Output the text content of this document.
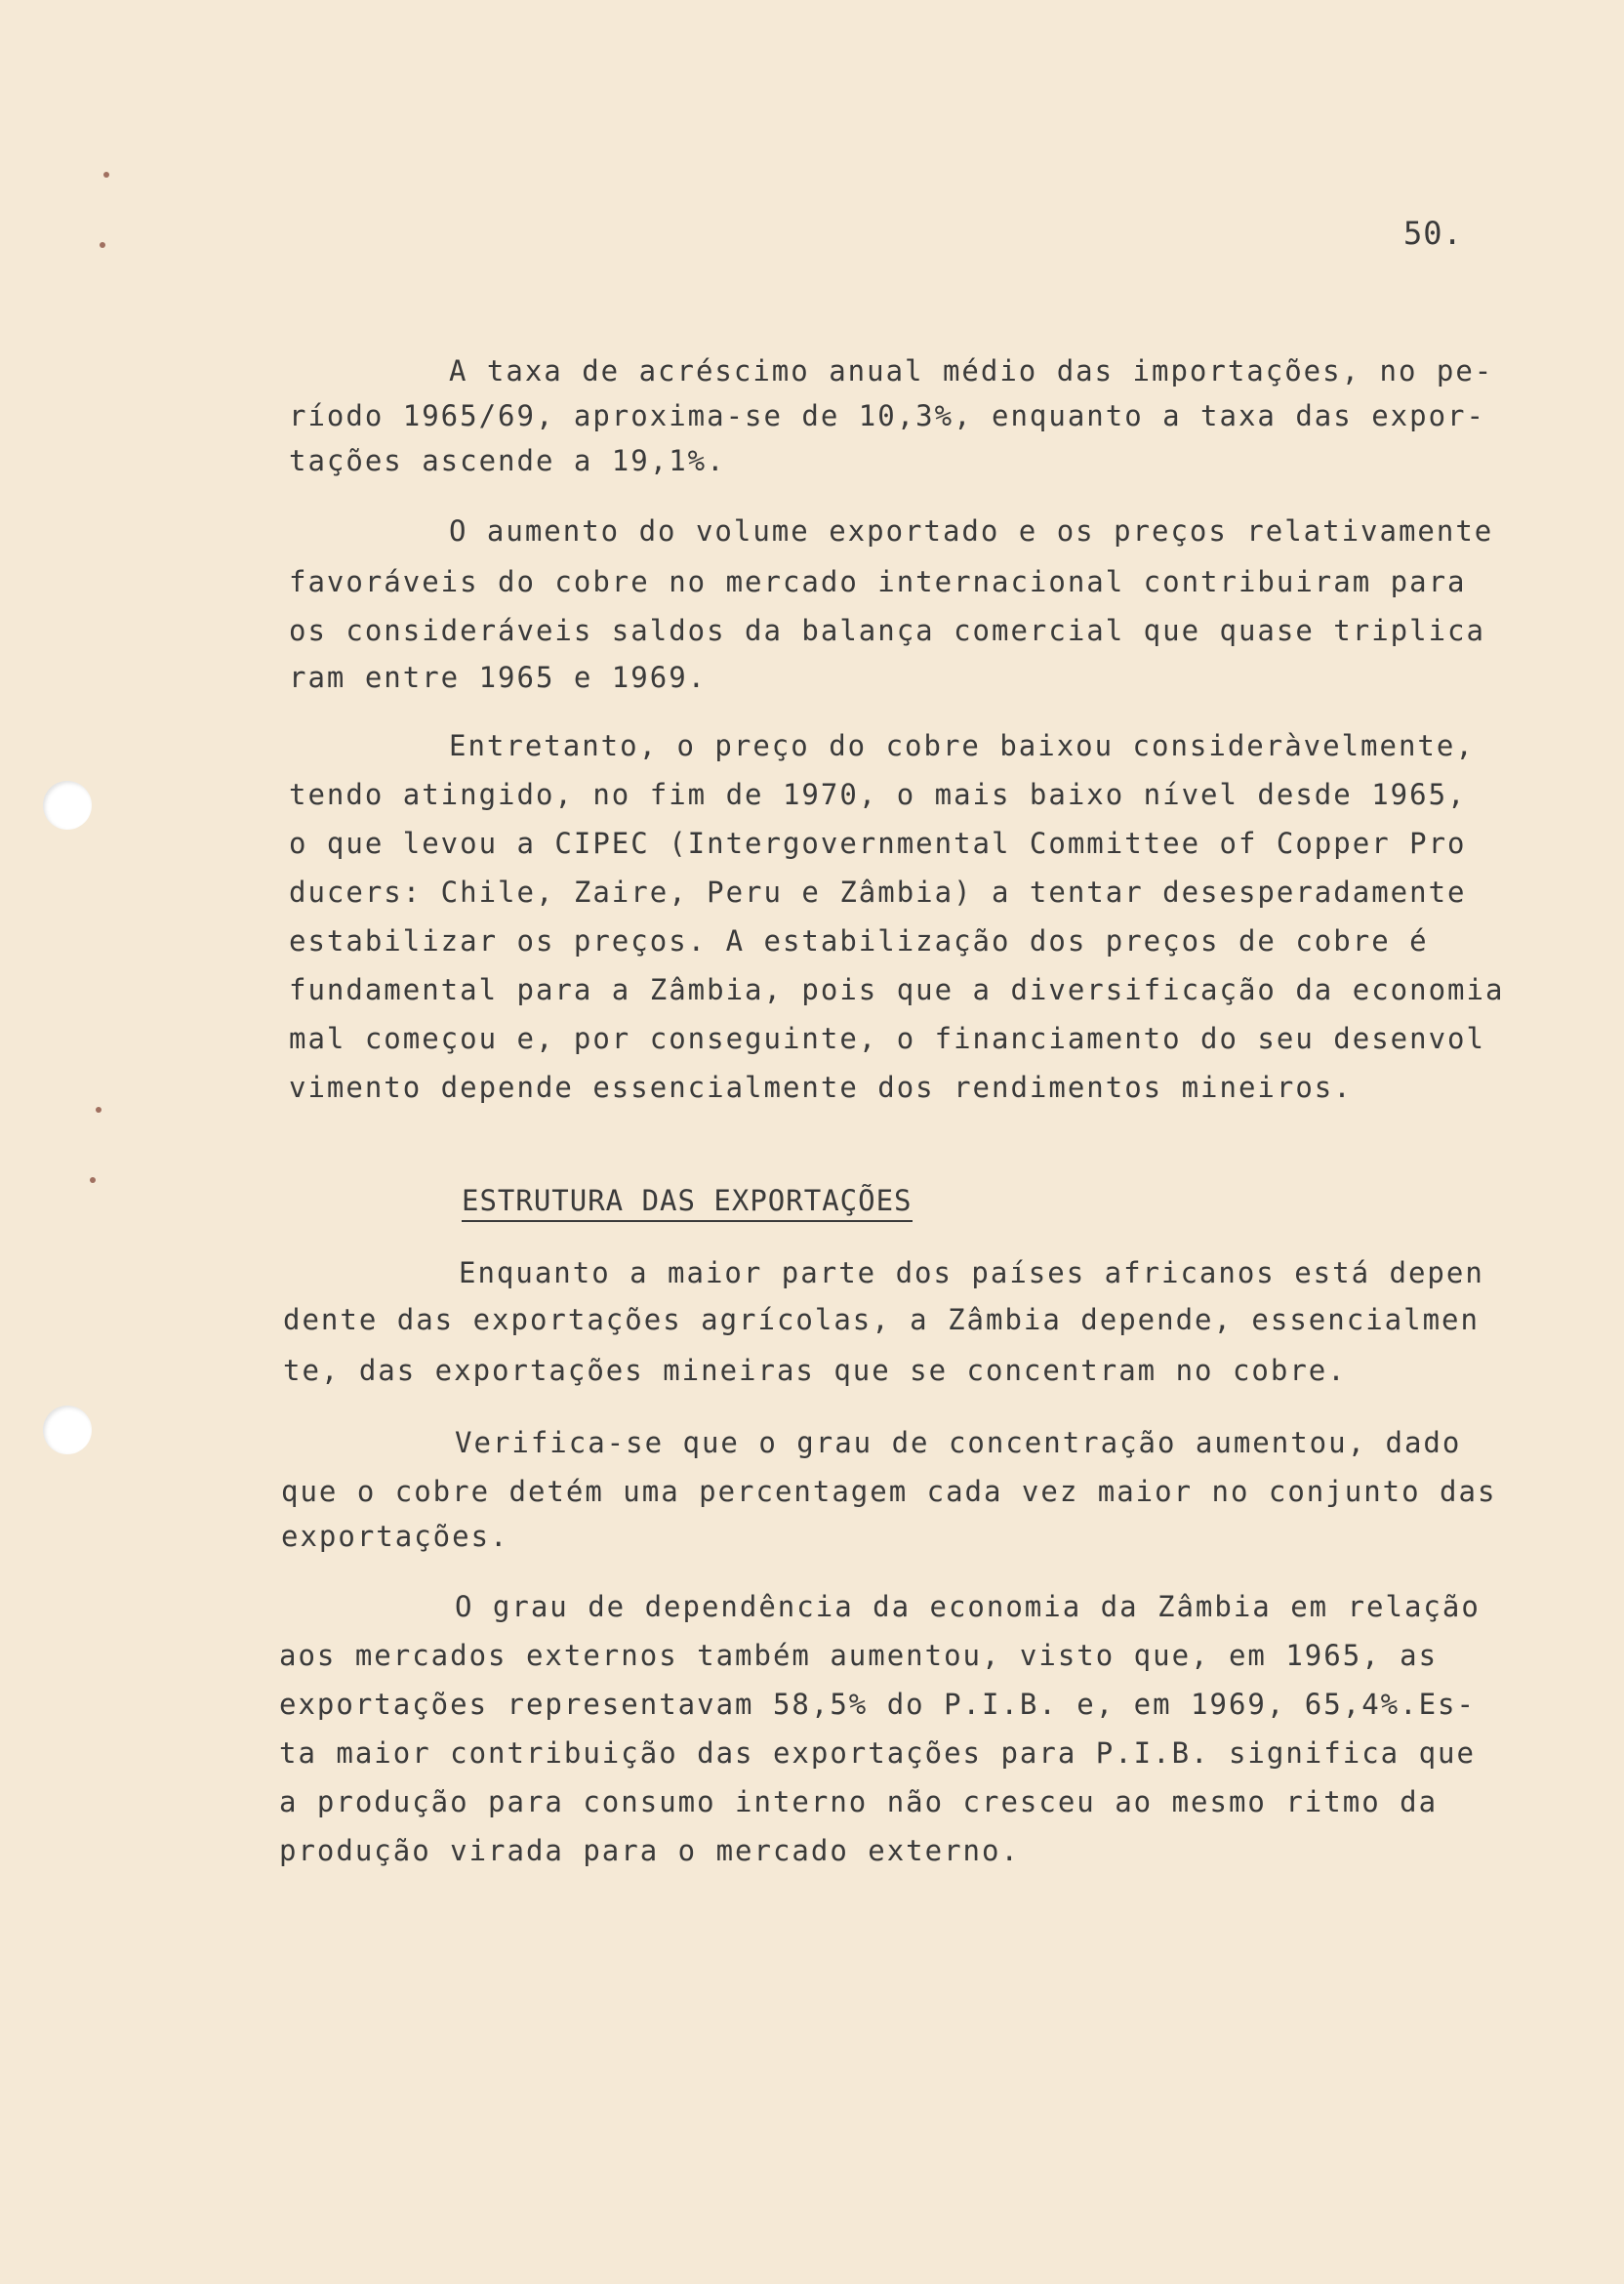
50.
A taxa de acréscimo anual médio das importações, no pe-
ríodo 1965/69, aproxima-se de 10,3%, enquanto a taxa das expor-
tações ascende a 19,1%.
O aumento do volume exportado e os preços relativamente
favoráveis do cobre no mercado internacional contribuiram para
os consideráveis saldos da balança comercial que quase triplica
ram entre 1965 e 1969.
Entretanto, o preço do cobre baixou consideràvelmente,
tendo atingido, no fim de 1970, o mais baixo nível desde 1965,
o que levou a CIPEC (Intergovernmental Committee of Copper Pro
ducers: Chile, Zaire, Peru e Zâmbia) a tentar desesperadamente
estabilizar os preços. A estabilização dos preços de cobre é
fundamental para a Zâmbia, pois que a diversificação da economia
mal começou e, por conseguinte, o financiamento do seu desenvol
vimento depende essencialmente dos rendimentos mineiros.
ESTRUTURA DAS EXPORTAÇÕES
Enquanto a maior parte dos países africanos está depen
dente das exportações agrícolas, a Zâmbia depende, essencialmen
te, das exportações mineiras que se concentram no cobre.
Verifica-se que o grau de concentração aumentou, dado
que o cobre detém uma percentagem cada vez maior no conjunto das
exportações.
O grau de dependência da economia da Zâmbia em relação
aos mercados externos também aumentou, visto que, em 1965, as
exportações representavam 58,5% do P.I.B. e, em 1969, 65,4%.Es-
ta maior contribuição das exportações para P.I.B. significa que
a produção para consumo interno não cresceu ao mesmo ritmo da
produção virada para o mercado externo.
